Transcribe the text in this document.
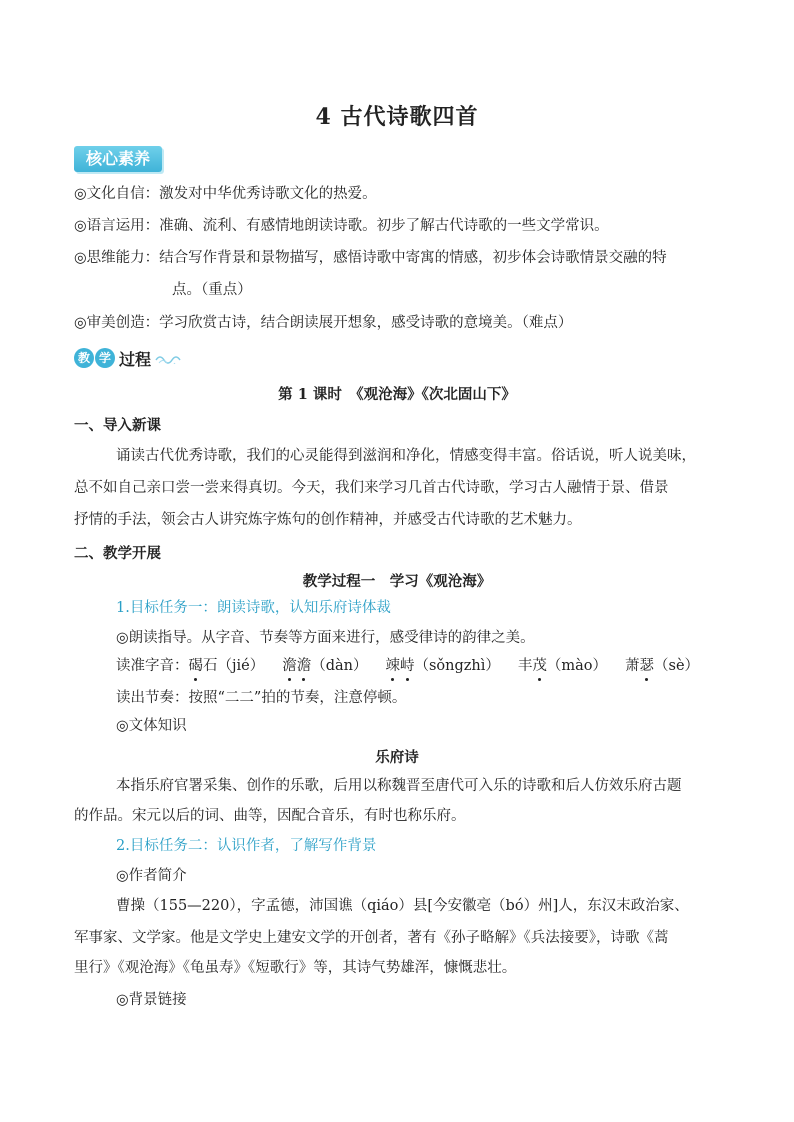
4 古代诗歌四首
核心素养
◎文化自信：激发对中华优秀诗歌文化的热爱。
◎语言运用：准确、流利、有感情地朗读诗歌。初步了解古代诗歌的一些文学常识。
◎思维能力：结合写作背景和景物描写，感悟诗歌中寄寓的情感，初步体会诗歌情景交融的特
点。（重点）
◎审美创造：学习欣赏古诗，结合朗读展开想象，感受诗歌的意境美。（难点）
教 学 过程
第 1 课时　《观沧海》《次北固山下》
一、导入新课
诵读古代优秀诗歌，我们的心灵能得到滋润和净化，情感变得丰富。俗话说，听人说美味，
总不如自己亲口尝一尝来得真切。今天，我们来学习几首古代诗歌，学习古人融情于景、借景
抒情的手法，领会古人讲究炼字炼句的创作精神，并感受古代诗歌的艺术魅力。
二、教学开展
教学过程一　学习《观沧海》
1.目标任务一：朗读诗歌，认知乐府诗体裁
◎朗读指导。从字音、节奏等方面来进行，感受律诗的韵律之美。
读准字音：碣石（jié） 澹澹（dàn） 竦峙（sǒngzhì） 丰茂（mào） 萧瑟（sè）
读出节奏：按照“二二”拍的节奏，注意停顿。
◎文体知识
乐府诗
本指乐府官署采集、创作的乐歌，后用以称魏晋至唐代可入乐的诗歌和后人仿效乐府古题
的作品。宋元以后的词、曲等，因配合音乐，有时也称乐府。
2.目标任务二：认识作者，了解写作背景
◎作者简介
曹操（155—220），字孟德，沛国谯（qiáo）县[今安徽亳（bó）州]人，东汉末政治家、
军事家、文学家。他是文学史上建安文学的开创者，著有《孙子略解》《兵法接要》，诗歌《蒿
里行》《观沧海》《龟虽寿》《短歌行》等，其诗气势雄浑，慷慨悲壮。
◎背景链接
